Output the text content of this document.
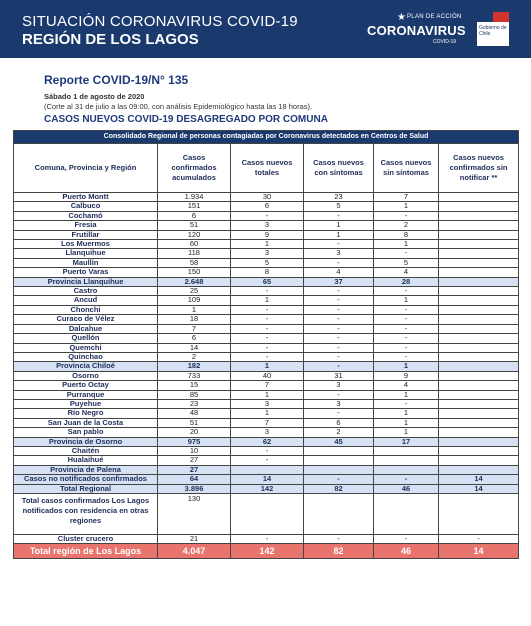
SITUACIÓN CORONAVIRUS COVID-19
REGIÓN DE LOS LAGOS
★ PLAN DE ACCIÓN
CORONAVIRUS
COVID-19
Gobierno de Chile
Reporte COVID-19/N° 135
Sábado 1 de agosto de 2020
(Corte al 31 de julio a las 09:00, con análisis Epidemiológico hasta las 18 horas).
CASOS NUEVOS COVID-19 DESAGREGADO POR COMUNA
Consolidado Regional de personas contagiadas por Coronavirus detectados en Centros de Salud					
Comuna, Provincia y Región	Casos confirmados acumulados	Casos nuevos totales	Casos nuevos con síntomas	Casos nuevos sin síntomas	Casos nuevos confirmados sin notificar **
Puerto Montt	1.934	30	23	7	
Calbuco	151	6	5	1	
Cochamó	6	-	-	-	
Fresia	51	3	1	2	
Frutillar	120	9	1	8	
Los Muermos	60	1	-	1	
Llanquihue	118	3	3	-	
Maullín	58	5	-	5	
Puerto Varas	150	8	4	4	
Provincia Llanquihue	2.648	65	37	28	
Castro	25	-	-	-	
Ancud	109	1	-	1	
Chonchi	1	-	-	-	
Curaco de Vélez	18	-	-	-	
Dalcahue	7	-	-	-	
Quellón	6	-	-	-	
Quemchi	14	-	-	-	
Quinchao	2	-	-	-	
Provincia Chiloé	182	1	-	1	
Osorno	733	40	31	9	
Puerto Octay	15	7	3	4	
Purranque	85	1	-	1	
Puyehue	23	3	3	-	
Río Negro	48	1	-	1	
San Juan de la Costa	51	7	6	1	
San pablo	20	3	2	1	
Provincia de Osorno	975	62	45	17	
Chaitén	10	-			
Hualaihué	27	-			
Provincia de Palena	27				
Casos no notificados confirmados	64	14	-	-	14
Total Regional	3.896	142	82	46	14
Total casos confirmados Los Lagos notificados con residencia en otras regiones	130				
Cluster crucero	21	-	-	-	-
Total región de Los Lagos	4.047	142	82	46	14
